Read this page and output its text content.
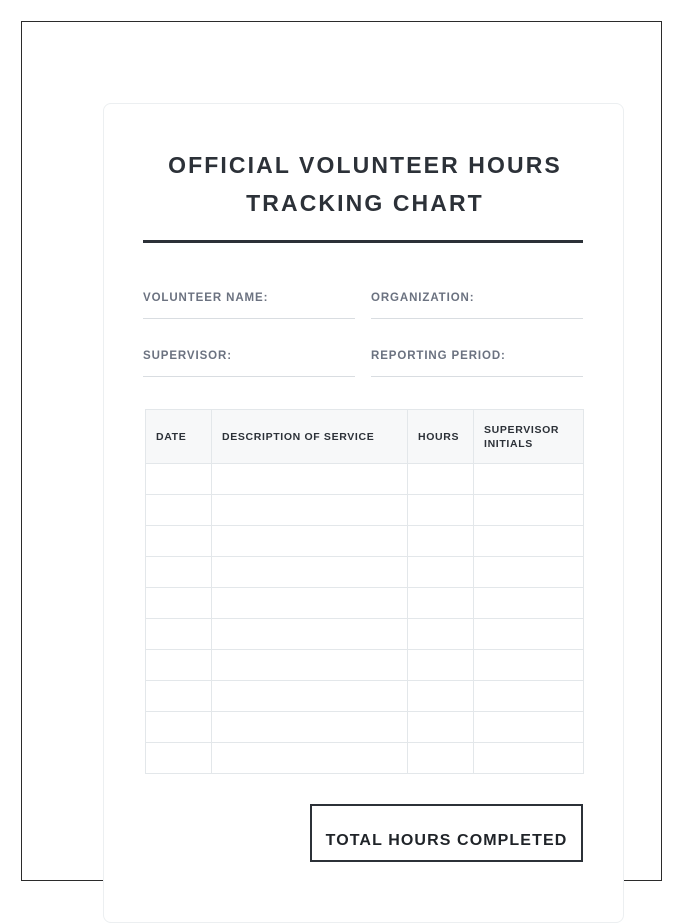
OFFICIAL VOLUNTEER HOURS
TRACKING CHART
VOLUNTEER NAME:	ORGANIZATION:
SUPERVISOR:	REPORTING PERIOD:
DATE	DESCRIPTION OF SERVICE	HOURS	SUPERVISOR INITIALS

TOTAL HOURS COMPLETED
